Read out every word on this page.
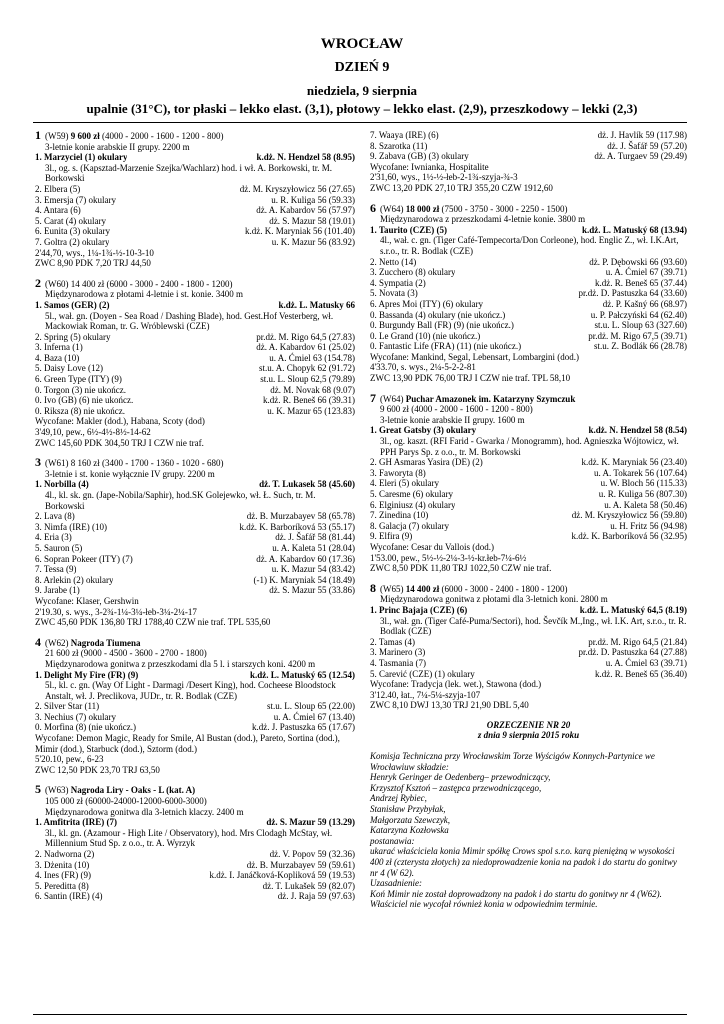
WROCŁAW
DZIEŃ 9
niedziela, 9 sierpnia
upalnie (31°C), tor płaski – lekko elast. (3,1), płotowy – lekko elast. (2,9), przeszkodowy – lekki (2,3)
1 (W59) 9 600 zł (4000 - 2000 - 1600 - 1200 - 800)

3-letnie konie arabskie II grupy. 2200 m

1. Marzyciel (1) okulary	k.dż. N. Hendzel 58 (8.95)

3l., og. s. (Kapsztad-Marzenie Szejka/Wachlarz) hod. i wł. A. Borkowski, tr. M. Borkowski

2. Elbera (5)	dż. M. Kryszyłowicz 56 (27.65)
3. Emersja (7) okulary	u. R. Kuliga 56 (59.33)
4. Antara (6)	dż. A. Kabardov 56 (57.97)
5. Carat (4) okulary	dż. S. Mazur 58 (19.01)
6. Eunita (3) okulary	k.dż. K. Maryniak 56 (101.40)
7. Goltra (2) okulary	u. K. Mazur 56 (83.92)

2'44,70, wys., 1¼-1¾-½-10-3-10

ZWC 8,90 PDK 7,20 TRJ 44,50

2 (W60) 14 400 zł (6000 - 3000 - 2400 - 1800 - 1200)

Międzynarodowa z płotami 4-letnie i st. konie. 3400 m

1. Samos (GER) (2)	k.dż. L. Matusky 66

5l., wał. gn. (Doyen - Sea Road / Dashing Blade), hod. Gest.Hof Vesterberg, wł. Mackowiak Roman, tr. G. Wróblewski (CZE)

2. Spring (5) okulary	pr.dż. M. Rigo 64,5 (27.83)
3. Inferna (1)	dż. A. Kabardov 61 (25.02)
4. Baza (10)	u. A. Ćmiel 63 (154.78)
5. Daisy Love (12)	st.u. A. Chopyk 62 (91.72)
6. Green Type (ITY) (9)	st.u. L. Sloup 62,5 (79.89)
0. Torgon (3) nie ukończ.	dż. M. Novak 68 (9.07)
0. Ivo (GB) (6) nie ukończ.	k.dż. R. Beneš 66 (39.31)
0. Riksza (8) nie ukończ.	u. K. Mazur 65 (123.83)

Wycofane: Makler (dod.), Habana, Scoty (dod)

3'49,10, pew., 6½-4½-8½-14-62

ZWC 145,60 PDK 304,50 TRJ I CZW nie traf.

3 (W61) 8 160 zł (3400 - 1700 - 1360 - 1020 - 680)

3-letnie i st. konie wyłącznie IV grupy. 2200 m

1. Norbilla (4)	dż. T. Lukasek 58 (45.60)

4l., kl. sk. gn. (Jape-Nobila/Saphir), hod.SK Golejewko, wł. Ł. Such, tr. M. Borkowski

2. Lava (8)	dż. B. Murzabayev 58 (65.78)
3. Nimfa (IRE) (10)	k.dż. K. Barboríková 53 (55.17)
4. Eria (3)	dż. J. Šafář 58 (81.44)
5. Sauron (5)	u. A. Kaleta 51 (28.04)
6. Sopran Pokeer (ITY) (7)	dż. A. Kabardov 60 (17.36)
7. Tessa (9)	u. K. Mazur 54 (83.42)
8. Arlekin (2) okulary	(-1) K. Maryniak 54 (18.49)
9. Jarabe (1)	dż. S. Mazur 55 (33.86)

Wycofane: Klaser, Gershwin

2'19.30, s. wys., 3-2¾-1¼-3¼-łeb-3¼-2¼-17

ZWC 45,60 PDK 136,80 TRJ 1788,40 CZW nie traf. TPL 535,60

4 (W62) Nagroda Tiumena

21 600 zł (9000 - 4500 - 3600 - 2700 - 1800)

Międzynarodowa gonitwa z przeszkodami dla 5 l. i starszych koni. 4200 m

1. Delight My Fire (FR) (9)	k.dż. L. Matuský 65 (12.54)

5l., kl. c. gn. (Way Of Light - Darmagi /Desert King), hod. Cocheese Bloodstock Anstalt, wł. J. Preclikova, JUDr., tr. R. Bodlak (CZE)

2. Silver Star (11)	st.u. L. Sloup 65 (22.00)
3. Nechius (7) okulary	u. A. Ćmiel 67 (13.40)
0. Morfina (8) (nie ukończ.)	k.dż. J. Pastuszka 65 (17.67)

Wycofane: Demon Magic, Ready for Smile, Al Bustan (dod.), Pareto, Sortina (dod.), Mimir (dod.), Starbuck (dod.), Sztorm (dod.)

5'20.10, pew., 6-23

ZWC 12,50 PDK 23,70 TRJ 63,50

5 (W63) Nagroda Liry - Oaks - L (kat. A)

105 000 zł (60000-24000-12000-6000-3000)

Międzynarodowa gonitwa dla 3-letnich klaczy. 2400 m

1. Amfitrita (IRE) (7)	dż. S. Mazur 59 (13.29)

3l., kl. gn. (Azamour - High Lite / Observatory), hod. Mrs Clodagh McStay, wł. Millennium Stud Sp. z o.o., tr. A. Wyrzyk

2. Nadworna (2)	dż. V. Popov 59 (32.36)
3. Dżenita (10)	dż. B. Murzabayev 59 (59.61)
4. Ines (FR) (9)	k.dż. I. Janáčková-Kopliková 59 (19.53)
5. Peredittа (8)	dż. T. Lukašek 59 (82.07)
6. Santin (IRE) (4)	dż. J. Raja 59 (97.63)
7. Waaya (IRE) (6)	dż. J. Havlík 59 (117.98)
8. Szarotka (11)	dż. J. Šafář 59 (57.20)
9. Zabava (GB) (3) okulary	dż. A. Turgaev 59 (29.49)

Wycofane: Iwnianka, Hospitalite

2'31,60, wys., 1½-½-łeb-2-1¾-szyja-¾-3

ZWC 13,20 PDK 27,10 TRJ 355,20 CZW 1912,60

6 (W64) 18 000 zł (7500 - 3750 - 3000 - 2250 - 1500)

Międzynarodowa z przeszkodami 4-letnie konie. 3800 m

1. Taurito (CZE) (5)	k.dż. L. Matuský 68 (13.94)

4l., wał. c. gn. (Tiger Café-Tempecorta/Don Corleone), hod. Englic Z., wł. I.K.Art, s.r.o., tr. R. Bodlak (CZE)

2. Netto (14)	dż. P. Dębowski 66 (93.60)
3. Zucchero (8) okulary	u. A. Ćmiel 67 (39.71)
4. Sympatia (2)	k.dż. R. Beneš 65 (37.44)
5. Novata (3)	pr.dż. D. Pastuszka 64 (33.60)
6. Apres Moi (ITY) (6) okulary	dż. P. Kašný 66 (68.97)
0. Bassanda (4) okulary (nie ukończ.)	u. P. Pałczyński 64 (62.40)
0. Burgundy Ball (FR) (9) (nie ukończ.)	st.u. L. Sloup 63 (327.60)
0. Le Grand (10) (nie ukończ.)	pr.dż. M. Rigo 67,5 (39.71)
0. Fantastic Life (FRA) (11) (nie ukończ.)	st.u. Z. Bodlák 66 (28.78)

Wycofane: Mankind, Segal, Lebensart, Lombargini (dod.)

4'33.70, s. wys., 2¼-5-2-2-81

ZWC 13,90 PDK 76,00 TRJ I CZW nie traf. TPL 58,10

7 (W64) Puchar Amazonek im. Katarzyny Szymczuk

9 600 zł (4000 - 2000 - 1600 - 1200 - 800)

3-letnie konie arabskie II grupy. 1600 m

1. Great Gatsby (3) okulary	k.dż. N. Hendzel 58 (8.54)

3l., og. kaszt. (RFI Farid - Gwarka / Monogramm), hod. Agnieszka Wójtowicz, wł. PPH Parys Sp. z o.o., tr. M. Borkowski

2. GH Asmaras Yasira (DE) (2)	k.dż. K. Maryniak 56 (23.40)
3. Faworyta (8)	u. A. Tokarek 56 (107.64)
4. Eleri (5) okulary	u. W. Bloch 56 (115.33)
5. Caresme (6) okulary	u. R. Kuliga 56 (807.30)
6. Elginiusz (4) okulary	u. A. Kaleta 58 (50.46)
7. Zinedina (10)	dż. M. Kryszyłowicz 56 (59.80)
8. Galacja (7) okulary	u. H. Fritz 56 (94.98)
9. Elfira (9)	k.dż. K. Barboríková 56 (32.95)

Wycofane: Cesar du Vallois (dod.)

1'53.00, pew., 5½-½-2¼-3-½-kr.łeb-7¼-6½

ZWC 8,50 PDK 11,80 TRJ 1022,50 CZW nie traf.

8 (W65) 14 400 zł (6000 - 3000 - 2400 - 1800 - 1200)

Międzynarodowa gonitwa z płotami dla 3-letnich koni. 2800 m

1. Princ Bajaja (CZE) (6)	k.dż. L. Matuský 64,5 (8.19)

3l., wał. gn. (Tiger Café-Puma/Sectori), hod. Ševčík M.,Ing., wł. I.K. Art, s.r.o., tr. R. Bodlak (CZE)

2. Tamas (4)	pr.dż. M. Rigo 64,5 (21.84)
3. Marinero (3)	pr.dż. D. Pastuszka 64 (27.88)
4. Tasmania (7)	u. A. Ćmiel 63 (39.71)
5. Carević (CZE) (1) okulary	k.dż. R. Beneš 65 (36.40)

Wycofane: Tradycja (lek. wet.), Stawona (dod.)

3'12.40, łat., 7¼-5¼-szyja-107

ZWC 8,10 DWJ 13,30 TRJ 21,90 DBL 5,40

ORZECZENIE NR 20

z dnia 9 sierpnia 2015 roku

Komisja Techniczna przy Wrocławskim Torze Wyścigów Konnych-Partynice we Wrocławiuw składzie:

Henryk Geringer de Oedenberg– przewodniczący,

Krzysztof Ksztoń – zastępca przewodniczącego,

Andrzej Rybiec,

Stanisław Przybyłak,

Małgorzata Szewczyk,

Katarzyna Kozłowska

postanawia:

ukarać właściciela konia Mimir spółkę Crows spol s.r.o. karą pieniężną w wysokości 400 zł (czterysta złotych) za niedoprowadzenie konia na padok i do startu do gonitwy nr 4 (W 62).

Uzasadnienie:

Koń Mimir nie został doprowadzony na padok i do startu do gonitwy nr 4 (W62). Właściciel nie wycofał również konia w odpowiednim terminie.
